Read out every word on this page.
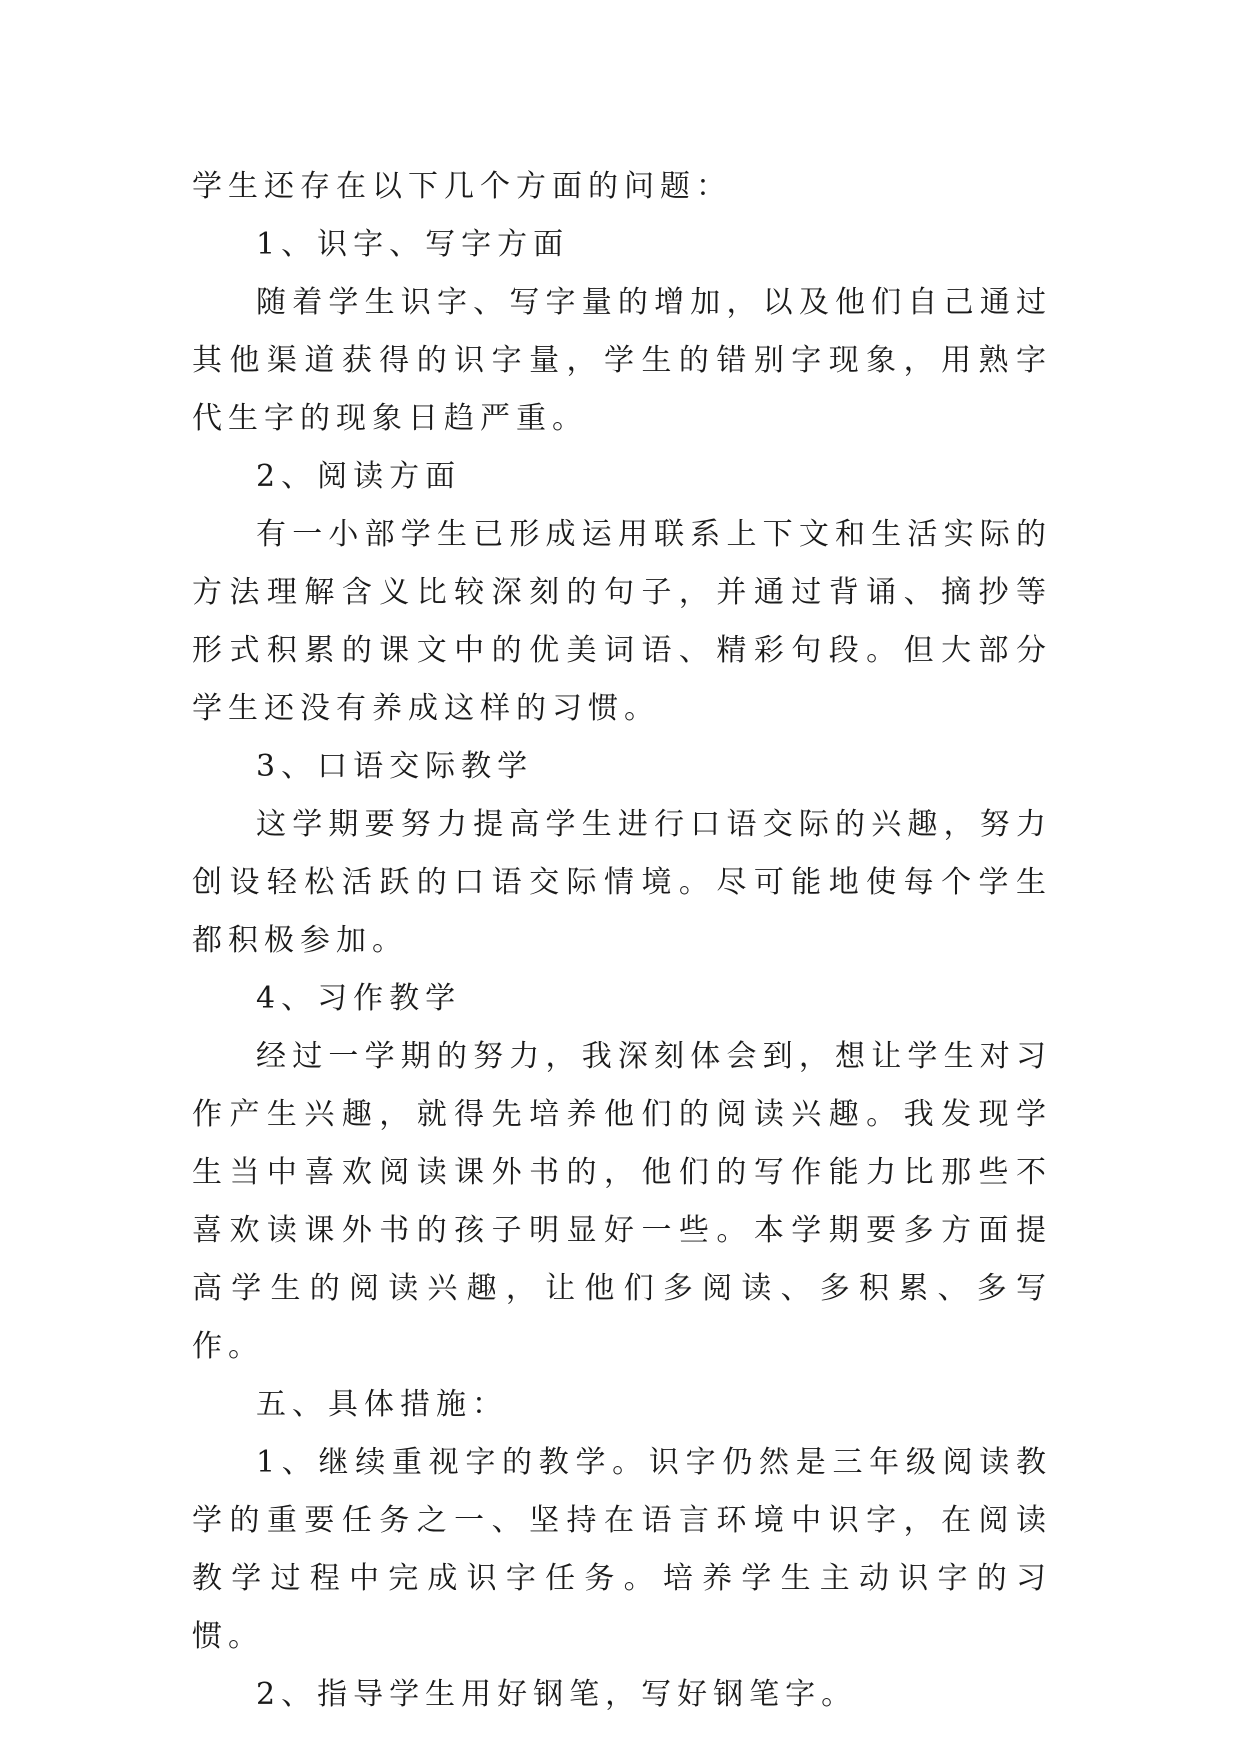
学生还存在以下几个方面的问题：

1、识字、写字方面

随着学生识字、写字量的增加，以及他们自己通过其他渠道获得的识字量，学生的错别字现象，用熟字代生字的现象日趋严重。

2、阅读方面

有一小部学生已形成运用联系上下文和生活实际的方法理解含义比较深刻的句子，并通过背诵、摘抄等形式积累的课文中的优美词语、精彩句段。但大部分学生还没有养成这样的习惯。

3、口语交际教学

这学期要努力提高学生进行口语交际的兴趣，努力创设轻松活跃的口语交际情境。尽可能地使每个学生都积极参加。

4、习作教学

经过一学期的努力，我深刻体会到，想让学生对习作产生兴趣，就得先培养他们的阅读兴趣。我发现学生当中喜欢阅读课外书的，他们的写作能力比那些不喜欢读课外书的孩子明显好一些。本学期要多方面提高学生的阅读兴趣，让他们多阅读、多积累、多写作。

五、具体措施：

1、继续重视字的教学。识字仍然是三年级阅读教学的重要任务之一、坚持在语言环境中识字，在阅读教学过程中完成识字任务。培养学生主动识字的习惯。

2、指导学生用好钢笔，写好钢笔字。
